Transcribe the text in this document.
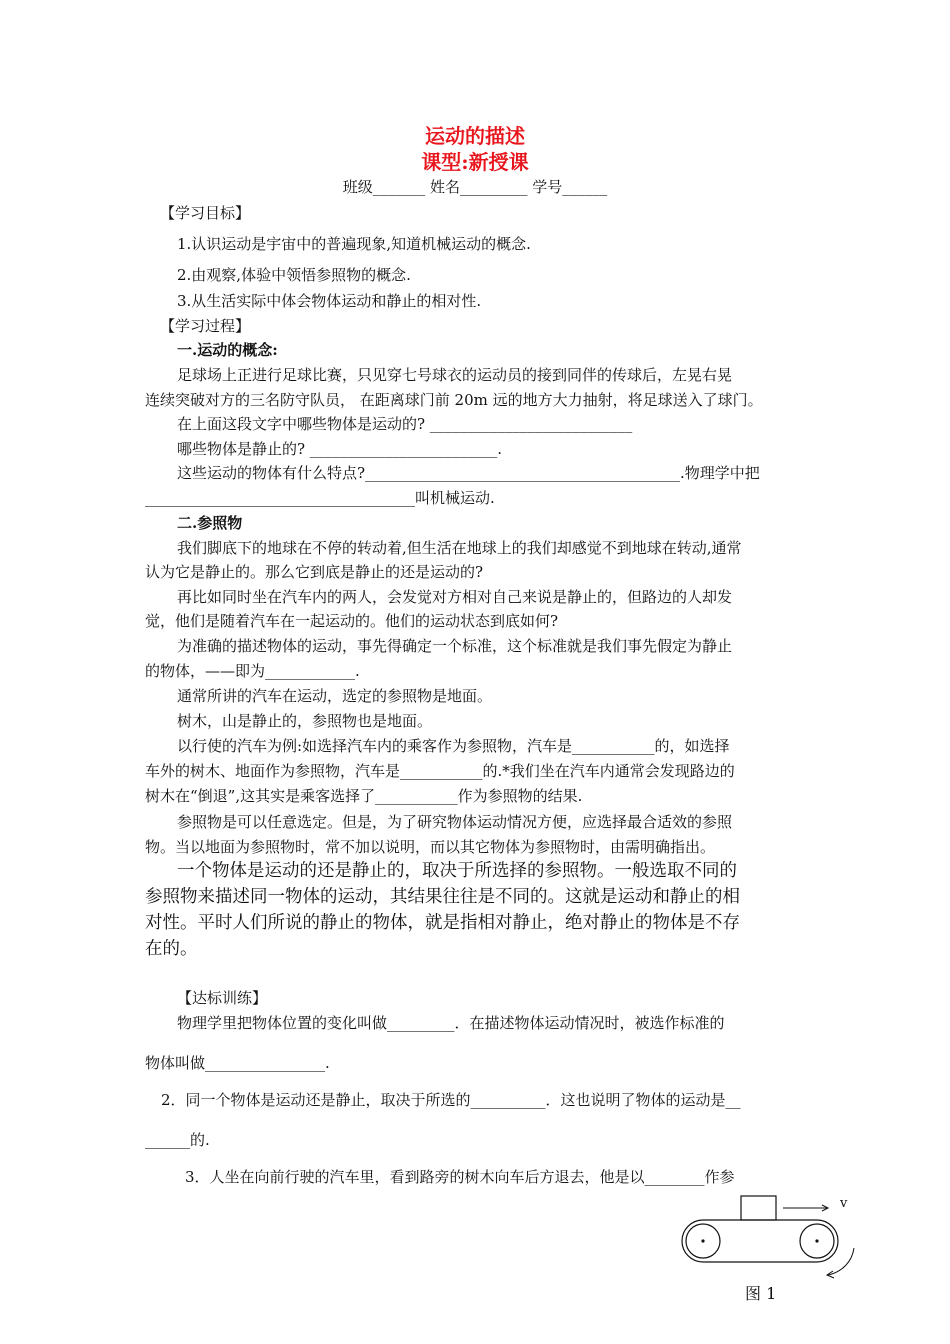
运动的描述
课型:新授课
班级_______ 姓名_________ 学号______
【学习目标】
1.认识运动是宇宙中的普遍现象,知道机械运动的概念.
2.由观察,体验中领悟参照物的概念.
3.从生活实际中体会物体运动和静止的相对性.
【学习过程】
一.运动的概念:
足球场上正进行足球比赛，只见穿七号球衣的运动员的接到同伴的传球后，左晃右晃
连续突破对方的三名防守队员， 在距离球门前 20m 远的地方大力抽射，将足球送入了球门。
在上面这段文字中哪些物体是运动的? ___________________________
哪些物体是静止的? _________________________.
这些运动的物体有什么特点?__________________________________________.物理学中把
____________________________________叫机械运动.
二.参照物
我们脚底下的地球在不停的转动着,但生活在地球上的我们却感觉不到地球在转动,通常
认为它是静止的。那么它到底是静止的还是运动的?
再比如同时坐在汽车内的两人，会发觉对方相对自己来说是静止的，但路边的人却发
觉，他们是随着汽车在一起运动的。他们的运动状态到底如何?
为准确的描述物体的运动，事先得确定一个标准，这个标准就是我们事先假定为静止
的物体，——即为____________.
通常所讲的汽车在运动，选定的参照物是地面。
树木，山是静止的，参照物也是地面。
以行使的汽车为例:如选择汽车内的乘客作为参照物，汽车是___________的，如选择
车外的树木、地面作为参照物，汽车是___________的.*我们坐在汽车内通常会发现路边的
树木在“倒退”,这其实是乘客选择了___________作为参照物的结果.
参照物是可以任意选定。但是，为了研究物体运动情况方便，应选择最合适效的参照
物。当以地面为参照物时，常不加以说明，而以其它物体为参照物时，由需明确指出。
一个物体是运动的还是静止的，取决于所选择的参照物。一般选取不同的
参照物来描述同一物体的运动，其结果往往是不同的。这就是运动和静止的相
对性。平时人们所说的静止的物体，就是指相对静止，绝对静止的物体是不存
在的。
【达标训练】
物理学里把物体位置的变化叫做_________．在描述物体运动情况时，被选作标准的
物体叫做________________.
2．同一个物体是运动还是静止，取决于所选的__________．这也说明了物体的运动是__
______的.
3．人坐在向前行驶的汽车里，看到路旁的树木向车后方退去，他是以________作参
v
图 1
